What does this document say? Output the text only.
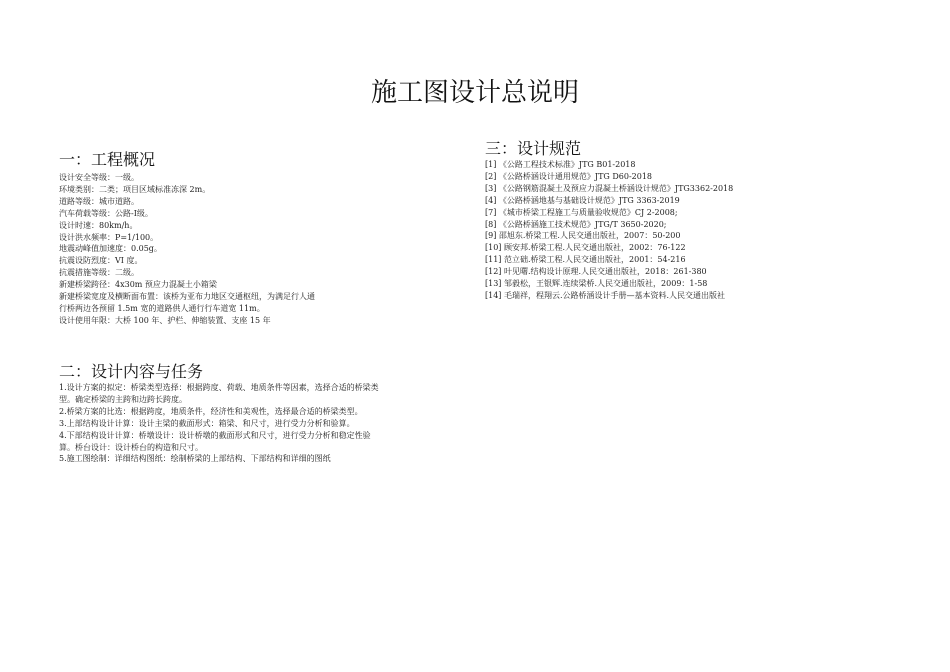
施工图设计总说明
一：工程概况
设计安全等级：一级。
环境类别：二类；项目区域标准冻深 2m。
道路等级：城市道路。
汽车荷载等级：公路-I级。
设计时速：80km/h。
设计洪水频率：P=1/100。
地震动峰值加速度：0.05g。
抗震设防烈度：VI 度。
抗震措施等级：二级。
新建桥梁跨径：4x30m 预应力混凝土小箱梁
新建桥梁宽度及横断面布置：该桥为亚布力地区交通枢纽，为满足行人通
行桥两边各预留 1.5m 宽的道路供人通行行车道宽 11m。
设计使用年限：大桥 100 年、护栏、伸缩装置、支座 15 年
二：设计内容与任务
1.设计方案的拟定：桥梁类型选择：根据跨度、荷载、地质条件等因素，选择合适的桥梁类型。确定桥梁的主跨和边跨长跨度。
2.桥梁方案的比选：根据跨度，地质条件，经济性和美观性，选择最合适的桥梁类型。
3.上部结构设计计算：设计主梁的截面形式：箱梁、和尺寸，进行受力分析和验算。
4.下部结构设计计算：桥墩设计：设计桥墩的截面形式和尺寸，进行受力分析和稳定性验算。桥台设计：设计桥台的构造和尺寸。
5.施工图绘制：详细结构图纸：绘制桥梁的上部结构、下部结构和详细的图纸
三：设计规范
[1] 《公路工程技术标准》JTG B01-2018
[2] 《公路桥涵设计通用规范》JTG D60-2018
[3] 《公路钢筋混凝土及预应力混凝土桥涵设计规范》JTG3362-2018
[4] 《公路桥涵地基与基础设计规范》JTG 3363-2019
[7] 《城市桥梁工程施工与质量验收规范》CJ 2-2008;
[8] 《公路桥涵施工技术规范》JTG/T 3650-2020;
[9] 邵旭东.桥梁工程.人民交通出版社，2007：50-200
[10] 顾安邦.桥梁工程.人民交通出版社，2002：76-122
[11] 范立础.桥梁工程.人民交通出版社，2001：54-216
[12] 叶见曙.结构设计原理.人民交通出版社，2018：261-380
[13] 邹毅松，王银辉.连续梁桥.人民交通出版社，2009：1-58
[14] 毛瑞祥，程翔云.公路桥涵设计手册—基本资料.人民交通出版社
